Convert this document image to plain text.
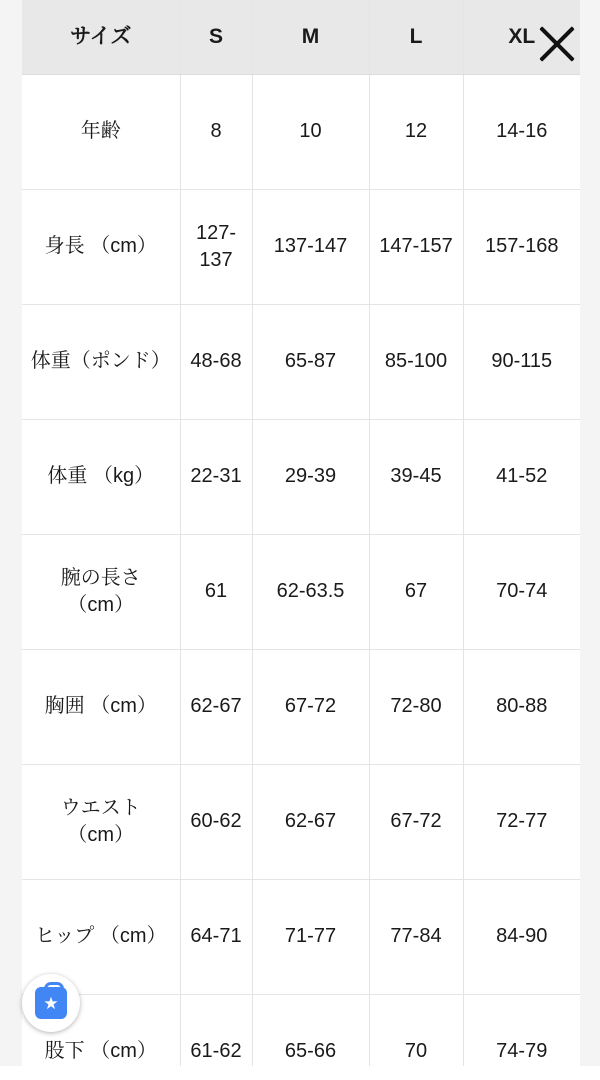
サイズ	S	M	L	XL
年齢	8	10	12	14-16
身長 （cm）	127-137	137-147	147-157	157-168
体重（ポンド）	48-68	65-87	85-100	90-115
体重 （kg）	22-31	29-39	39-45	41-52
腕の長さ （cm）	61	62-63.5	67	70-74
胸囲 （cm）	62-67	67-72	72-80	80-88
ウエスト （cm）	60-62	62-67	67-72	72-77
ヒップ （cm）	64-71	71-77	77-84	84-90
股下 （cm）	61-62	65-66	70	74-79
★
